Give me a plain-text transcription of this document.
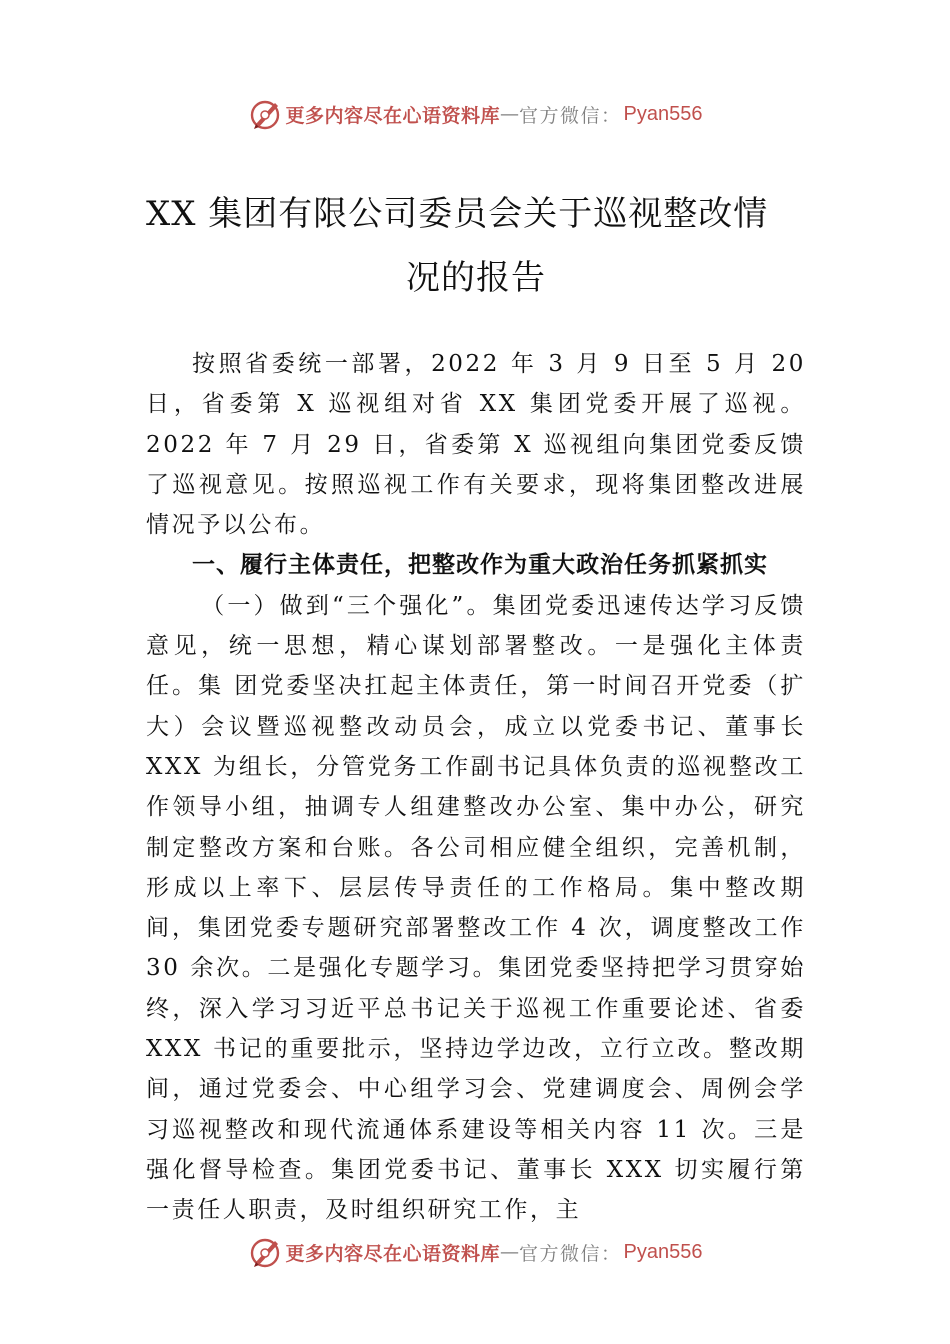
更多内容尽在心语资料库 — 官方微信： Pyan556
XX 集团有限公司委员会关于巡视整改情
况的报告

按照省委统一部署，2022 年 3 月 9 日至 5 月 20 日，省委第 X 巡视组对省 XX 集团党委开展了巡视。2022 年 7 月 29 日，省委第 X 巡视组向集团党委反馈了巡视意见。按照巡视工作有关要求，现将集团整改进展情况予以公布。

一、履行主体责任，把整改作为重大政治任务抓紧抓实

（一）做到“三个强化”。集团党委迅速传达学习反馈意见，统一思想，精心谋划部署整改。一是强化主体责任。集 团党委坚决扛起主体责任，第一时间召开党委（扩大）会议暨巡视整改动员会，成立以党委书记、董事长 XXX 为组长，分管党务工作副书记具体负责的巡视整改工作领导小组，抽调专人组建整改办公室、集中办公，研究制定整改方案和台账。各公司相应健全组织，完善机制，形成以上率下、层层传导责任的工作格局。集中整改期间，集团党委专题研究部署整改工作 4 次，调度整改工作 30 余次。二是强化专题学习。集团党委坚持把学习贯穿始终，深入学习习近平总书记关于巡视工作重要论述、省委 XXX 书记的重要批示，坚持边学边改，立行立改。整改期间，通过党委会、中心组学习会、党建调度会、周例会学习巡视整改和现代流通体系建设等相关内容 11 次。三是强化督导检查。集团党委书记、董事长 XXX 切实履行第一责任人职责，及时组织研究工作，主

更多内容尽在心语资料库 — 官方微信： Pyan556
